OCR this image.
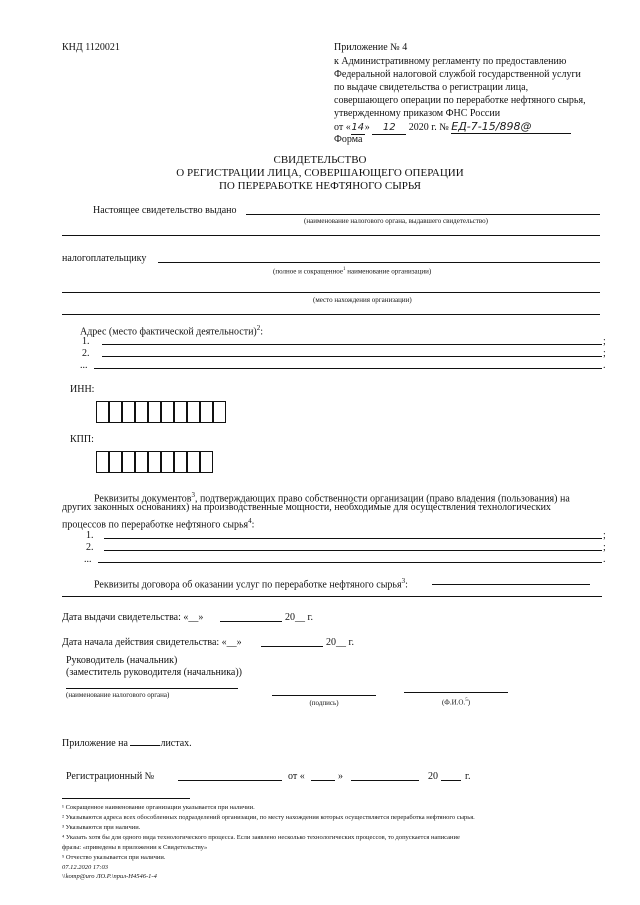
КНД 1120021	Приложение № 4
к Административному регламенту по предоставлению
Федеральной налоговой службой государственной услуги
по выдаче свидетельства о регистрации лица,
совершающего операции по переработке нефтяного сырья,
утвержденному приказом ФНС России
от «14» 12 2020 г. № ЕД-7-15/898@
Форма
СВИДЕТЕЛЬСТВО
О РЕГИСТРАЦИИ ЛИЦА, СОВЕРШАЮЩЕГО ОПЕРАЦИИ
ПО ПЕРЕРАБОТКЕ НЕФТЯНОГО СЫРЬЯ
Настоящее свидетельство выдано
(наименование налогового органа, выдавшего свидетельство)
налогоплательщику
(полное и сокращенное$^1$ наименование организации)
(место нахождения организации)
Адрес (место фактической деятельности)$^2$:
1.	;
2.	;
...	.
ИНН:
КПП:
Реквизиты документов$^3$, подтверждающих право собственности организации (право владения (пользования) на
других законных основаниях) на производственные мощности, необходимые для осуществления технологических
процессов по переработке нефтяного сырья$^4$:
1.	;
2.	;
...	.
Реквизиты договора об оказании услуг по переработке нефтяного сырья$^3$:
Дата выдачи свидетельства: «__»	20__ г.
Дата начала действия свидетельства: «__»	20__ г.
Руководитель (начальник)
(заместитель руководителя (начальника))
(наименование налогового органа)
(подпись)	(Ф.И.О.$^5$)
Приложение на	листах.
Регистрационный №	от «	»	20	г.
¹ Сокращенное наименование организации указывается при наличии.
² Указываются адреса всех обособленных подразделений организации, по месту нахождения которых осуществляется переработка нефтяного сырья.
³ Указываются при наличии.
⁴ Указать хотя бы для одного вида технологического процесса. Если заявлено несколько технологических процессов, то допускается написание
фразы: «приведены в приложении к Свидетельству»
⁵ Отчество указывается при наличии.
07.12.2020 17:03
\\komp@uro ЛО.Р.\прил-Н4546-1-4
